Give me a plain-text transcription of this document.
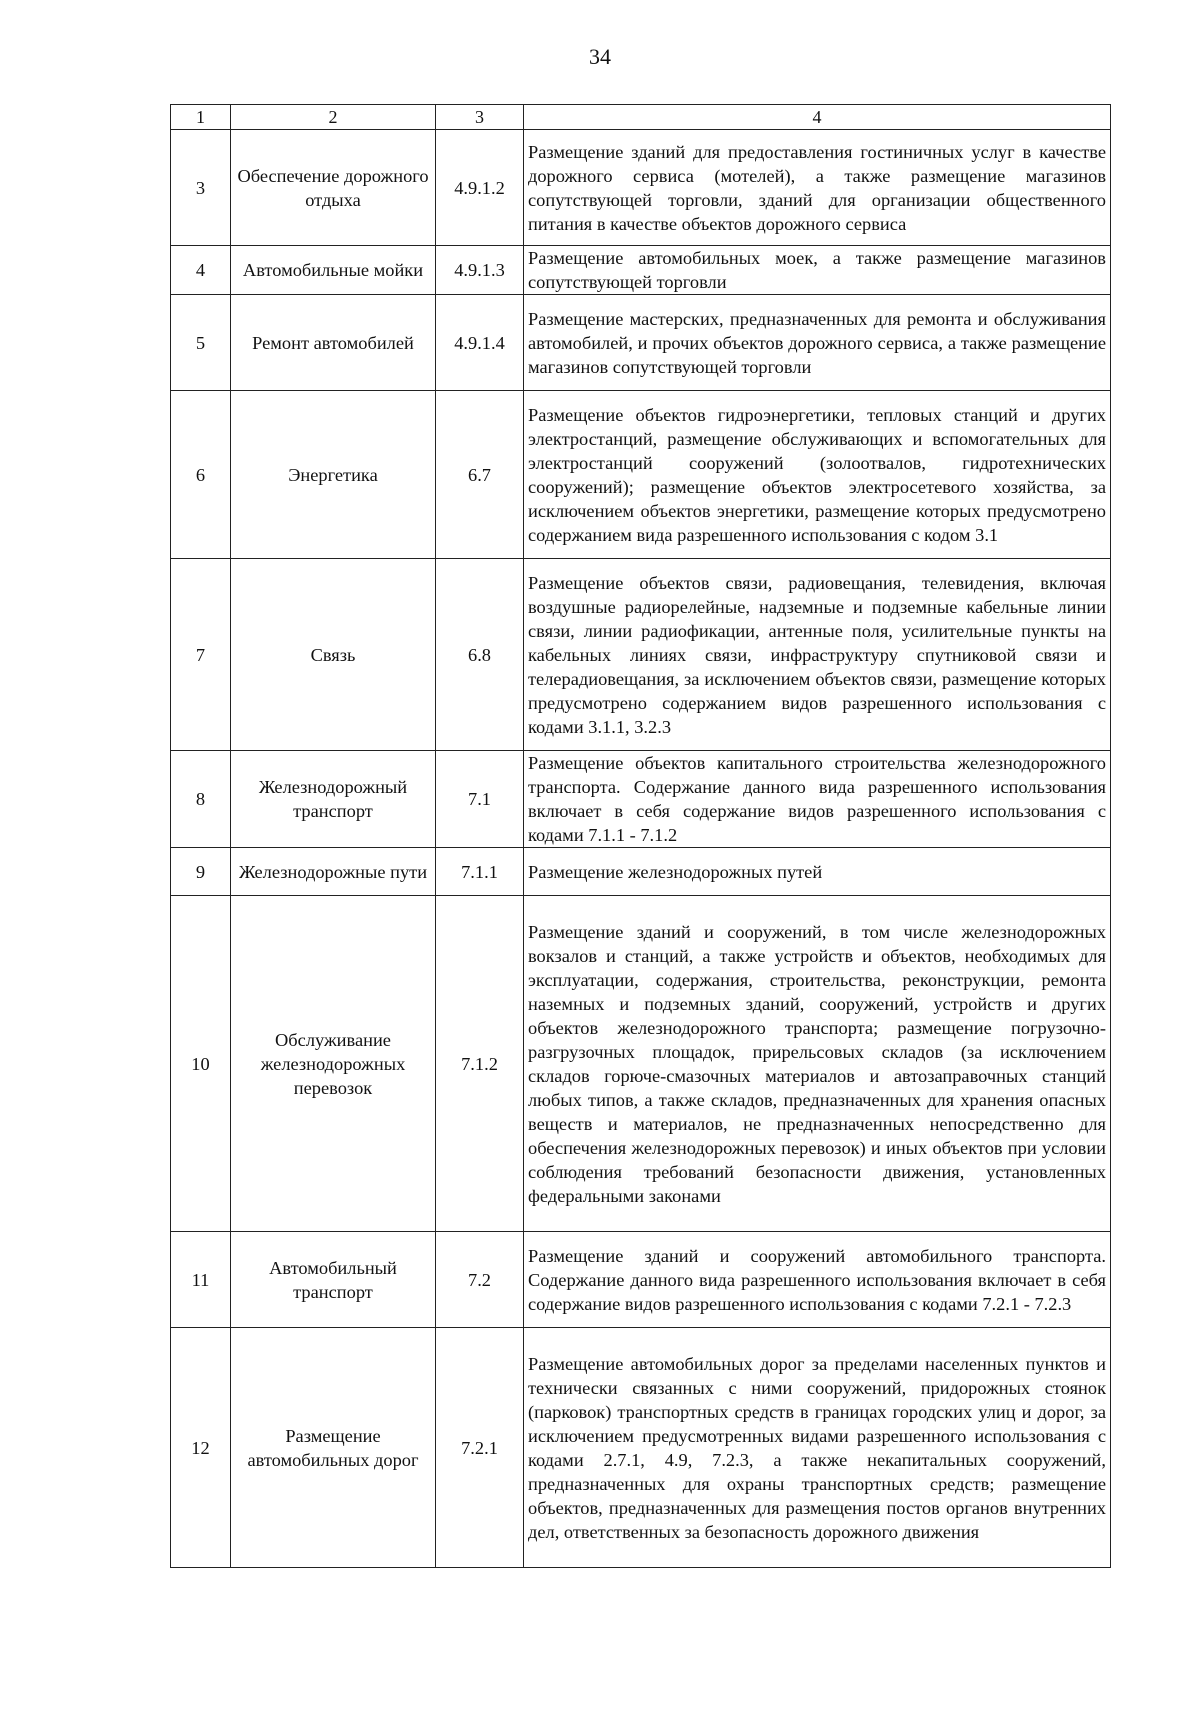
34
1	2	3	4
3	Обеспечение дорожного отдыха	4.9.1.2	Размещение зданий для предоставления гостиничных услуг в качестве дорожного сервиса (мотелей), а также размещение магазинов сопутствующей торговли, зданий для организации общественного питания в качестве объектов дорожного сервиса
4	Автомобильные мойки	4.9.1.3	Размещение автомобильных моек, а также размещение магазинов сопутствующей торговли
5	Ремонт автомобилей	4.9.1.4	Размещение мастерских, предназначенных для ремонта и обслуживания автомобилей, и прочих объектов дорожного сервиса, а также размещение магазинов сопутствующей торговли
6	Энергетика	6.7	Размещение объектов гидроэнергетики, тепловых станций и других электростанций, размещение обслуживающих и вспомогательных для электростанций сооружений (золоотвалов, гидротехнических сооружений); размещение объектов электросетевого хозяйства, за исключением объектов энергетики, размещение которых предусмотрено содержанием вида разрешенного использования с кодом 3.1
7	Связь	6.8	Размещение объектов связи, радиовещания, телевидения, включая воздушные радиорелейные, надземные и подземные кабельные линии связи, линии радиофикации, антенные поля, усилительные пункты на кабельных линиях связи, инфраструктуру спутниковой связи и телерадиовещания, за исключением объектов связи, размещение которых предусмотрено содержанием видов разрешенного использования с кодами 3.1.1, 3.2.3
8	Железнодорожный транспорт	7.1	Размещение объектов капитального строительства железнодорожного транспорта. Содержание данного вида разрешенного использования включает в себя содержание видов разрешенного использования с кодами 7.1.1 - 7.1.2
9	Железнодорожные пути	7.1.1	Размещение железнодорожных путей
10	Обслуживание железнодорожных перевозок	7.1.2	Размещение зданий и сооружений, в том числе железнодорожных вокзалов и станций, а также устройств и объектов, необходимых для эксплуатации, содержания, строительства, реконструкции, ремонта наземных и подземных зданий, сооружений, устройств и других объектов железнодорожного транспорта; размещение погрузочно-разгрузочных площадок, прирельсовых складов (за исключением складов горюче-смазочных материалов и автозаправочных станций любых типов, а также складов, предназначенных для хранения опасных веществ и материалов, не предназначенных непосредственно для обеспечения железнодорожных перевозок) и иных объектов при условии соблюдения требований безопасности движения, установленных федеральными законами
11	Автомобильный транспорт	7.2	Размещение зданий и сооружений автомобильного транспорта. Содержание данного вида разрешенного использования включает в себя содержание видов разрешенного использования с кодами 7.2.1 - 7.2.3
12	Размещение автомобильных дорог	7.2.1	Размещение автомобильных дорог за пределами населенных пунктов и технически связанных с ними сооружений, придорожных стоянок (парковок) транспортных средств в границах городских улиц и дорог, за исключением предусмотренных видами разрешенного использования с кодами 2.7.1, 4.9, 7.2.3, а также некапитальных сооружений, предназначенных для охраны транспортных средств; размещение объектов, предназначенных для размещения постов органов внутренних дел, ответственных за безопасность дорожного движения
